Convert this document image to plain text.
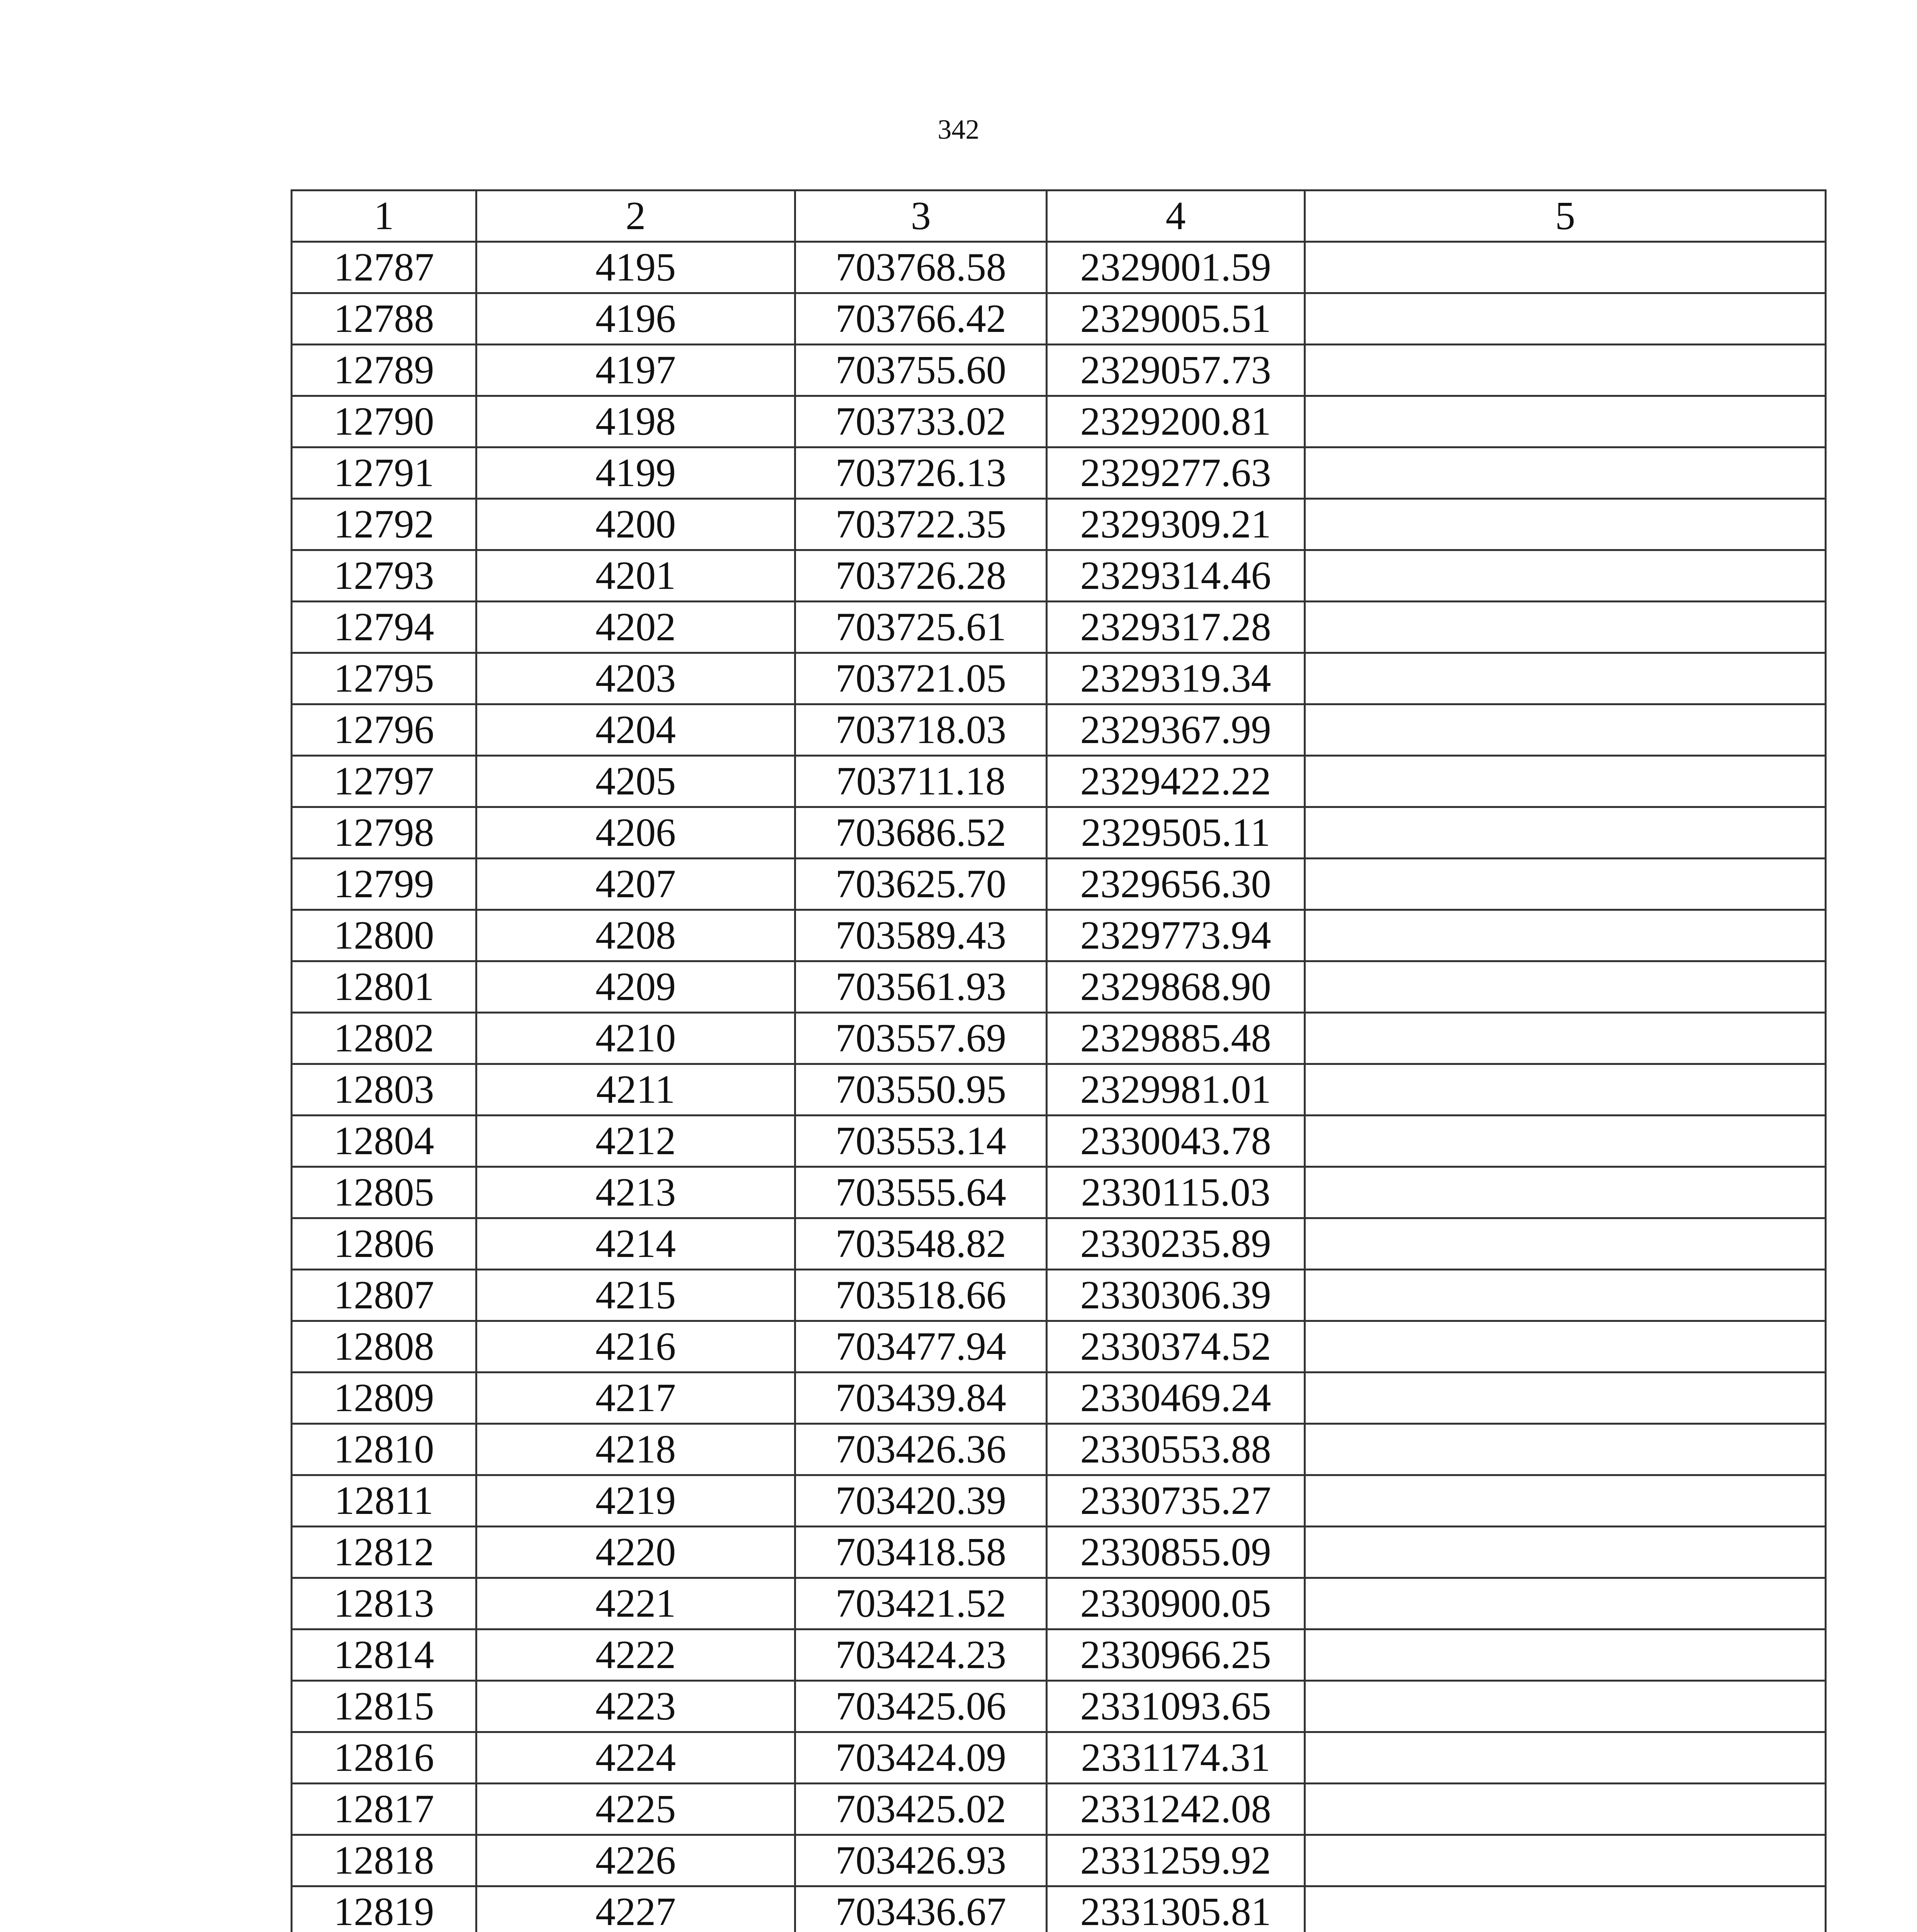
342
1	2	3	4	5
12787	4195	703768.58	2329001.59	
12788	4196	703766.42	2329005.51	
12789	4197	703755.60	2329057.73	
12790	4198	703733.02	2329200.81	
12791	4199	703726.13	2329277.63	
12792	4200	703722.35	2329309.21	
12793	4201	703726.28	2329314.46	
12794	4202	703725.61	2329317.28	
12795	4203	703721.05	2329319.34	
12796	4204	703718.03	2329367.99	
12797	4205	703711.18	2329422.22	
12798	4206	703686.52	2329505.11	
12799	4207	703625.70	2329656.30	
12800	4208	703589.43	2329773.94	
12801	4209	703561.93	2329868.90	
12802	4210	703557.69	2329885.48	
12803	4211	703550.95	2329981.01	
12804	4212	703553.14	2330043.78	
12805	4213	703555.64	2330115.03	
12806	4214	703548.82	2330235.89	
12807	4215	703518.66	2330306.39	
12808	4216	703477.94	2330374.52	
12809	4217	703439.84	2330469.24	
12810	4218	703426.36	2330553.88	
12811	4219	703420.39	2330735.27	
12812	4220	703418.58	2330855.09	
12813	4221	703421.52	2330900.05	
12814	4222	703424.23	2330966.25	
12815	4223	703425.06	2331093.65	
12816	4224	703424.09	2331174.31	
12817	4225	703425.02	2331242.08	
12818	4226	703426.93	2331259.92	
12819	4227	703436.67	2331305.81	
